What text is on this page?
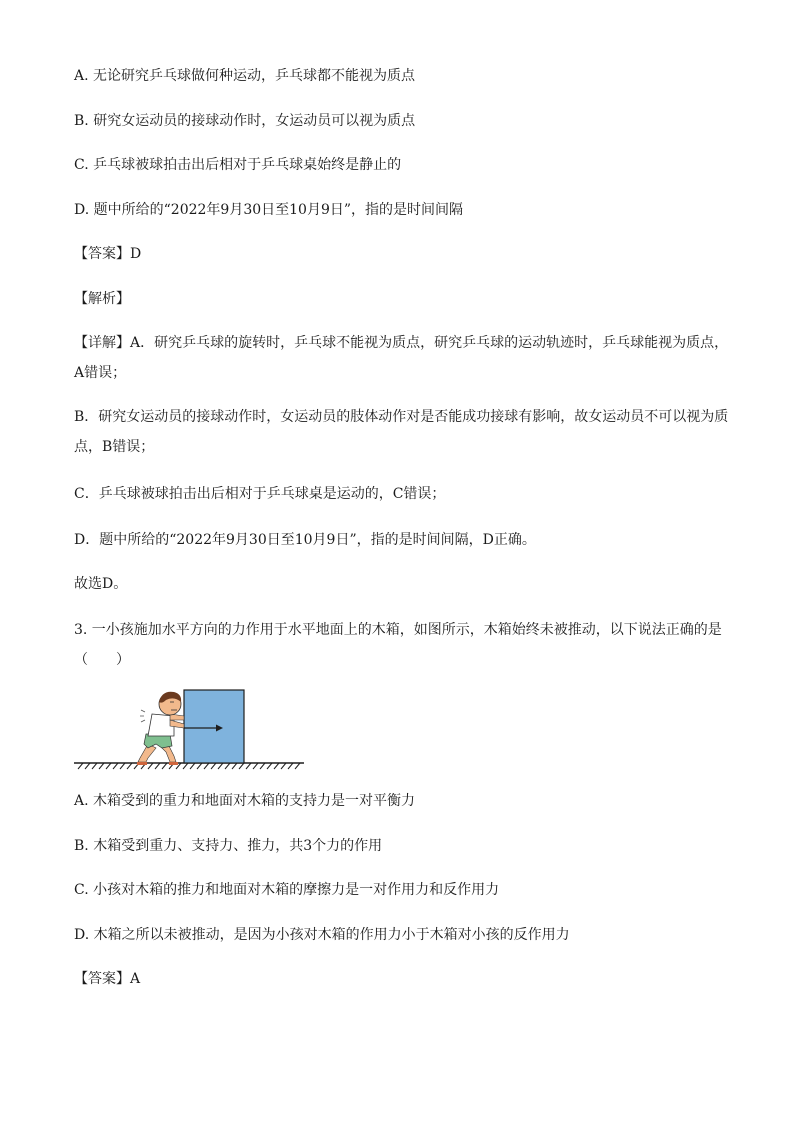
A. 无论研究乒乓球做何种运动，乒乓球都不能视为质点
B. 研究女运动员的接球动作时，女运动员可以视为质点
C. 乒乓球被球拍击出后相对于乒乓球桌始终是静止的
D. 题中所给的“2022年9月30日至10月9日”，指的是时间间隔
【答案】D
【解析】
【详解】A．研究乒乓球的旋转时，乒乓球不能视为质点，研究乒乓球的运动轨迹时，乒乓球能视为质点，A错误；
B．研究女运动员的接球动作时，女运动员的肢体动作对是否能成功接球有影响，故女运动员不可以视为质点，B错误；
C．乒乓球被球拍击出后相对于乒乓球桌是运动的，C错误；
D．题中所给的“2022年9月30日至10月9日”，指的是时间间隔，D正确。
故选D。
3. 一小孩施加水平方向的力作用于水平地面上的木箱，如图所示，木箱始终未被推动，以下说法正确的是（　　）
A. 木箱受到的重力和地面对木箱的支持力是一对平衡力
B. 木箱受到重力、支持力、推力，共3个力的作用
C. 小孩对木箱的推力和地面对木箱的摩擦力是一对作用力和反作用力
D. 木箱之所以未被推动，是因为小孩对木箱的作用力小于木箱对小孩的反作用力
【答案】A
